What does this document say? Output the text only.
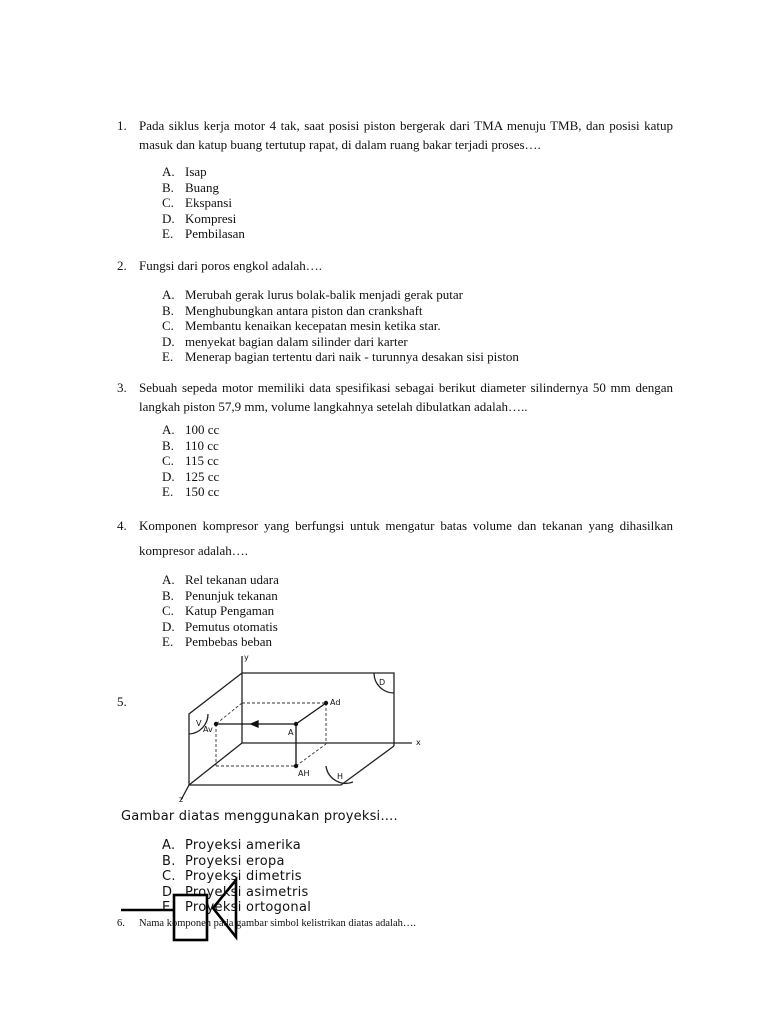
1. Pada siklus kerja motor 4 tak, saat posisi piston bergerak dari TMA menuju TMB, dan posisi katup masuk dan katup buang tertutup rapat, di dalam ruang bakar terjadi proses….
A. Isap
B. Buang
C. Ekspansi
D. Kompresi
E. Pembilasan
2. Fungsi dari poros engkol adalah….
A. Merubah gerak lurus bolak-balik menjadi gerak putar
B. Menghubungkan antara piston dan crankshaft
C. Membantu kenaikan kecepatan mesin ketika star.
D. menyekat bagian dalam silinder dari karter
E. Menerap bagian tertentu dari naik - turunnya desakan sisi piston
3. Sebuah sepeda motor memiliki data spesifikasi sebagai berikut diameter silindernya 50 mm dengan langkah piston 57,9 mm, volume langkahnya setelah dibulatkan adalah…..
A. 100 cc
B. 110 cc
C. 115 cc
D. 125 cc
E. 150 cc
4. Komponen kompresor yang berfungsi untuk mengatur batas volume dan tekanan yang dihasilkan kompresor adalah….
A. Rel tekanan udara
B. Penunjuk tekanan
C. Katup Pengaman
D. Pemutus otomatis
E. Pembebas beban
5.
y
x
z
V
D
H
A
Av
Ad
AH
Gambar diatas menggunakan proyeksi….
A. Proyeksi amerika
B. Proyeksi eropa
C. Proyeksi dimetris
D. Proyeksi asimetris
E. Proyeksi ortogonal
6. Nama komponen pada gambar simbol kelistrikan diatas adalah….
